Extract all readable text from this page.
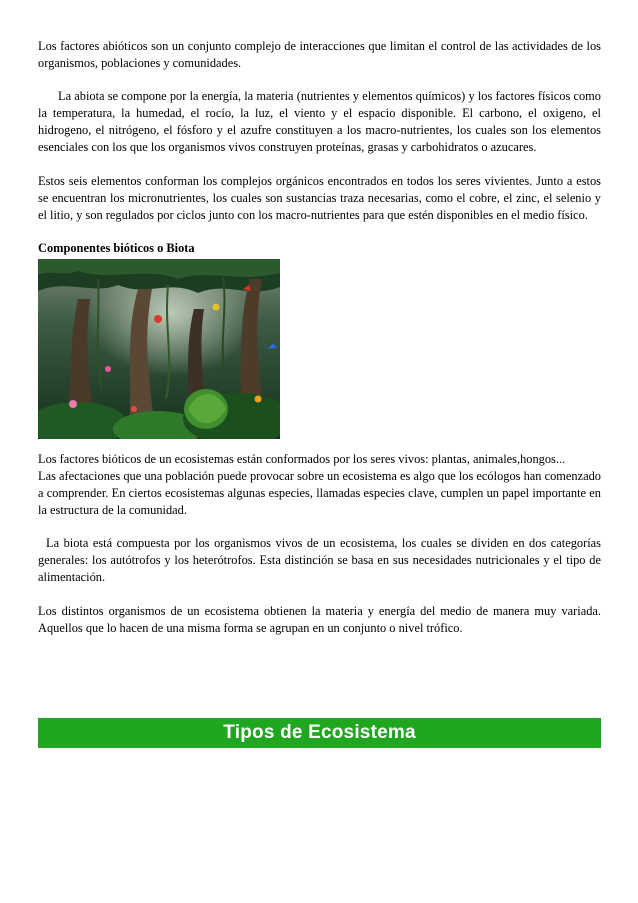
Los factores abióticos son un conjunto complejo de interacciones que limitan el control de las actividades de los organismos, poblaciones y comunidades.

La abiota se compone por la energía, la materia (nutrientes y elementos químicos) y los factores físicos como la temperatura, la humedad, el rocío, la luz, el viento y el espacio disponible. El carbono, el oxigeno, el hidrogeno, el nitrógeno, el fósforo y el azufre constituyen a los macro-nutrientes, los cuales son los elementos esenciales con los que los organismos vivos construyen proteínas, grasas y carbohidratos o azucares.

Estos seis elementos conforman los complejos orgánicos encontrados en todos los seres vivientes. Junto a estos se encuentran los micronutrientes, los cuales son sustancias traza necesarias, como el cobre, el zinc, el selenio y el litio, y son regulados por ciclos junto con los macro-nutrientes para que estén disponibles en el medio físico.

Componentes bióticos o Biota

Los factores bióticos de un ecosistemas están conformados por los seres vivos: plantas, animales,hongos...

Las afectaciones que una población puede provocar sobre un ecosistema es algo que los ecólogos han comenzado a comprender. En ciertos ecosistemas algunas especies, llamadas especies clave, cumplen un papel importante en la estructura de la comunidad.

La biota está compuesta por los organismos vivos de un ecosistema, los cuales se dividen en dos categorías generales: los autótrofos y los heterótrofos. Esta distinción se basa en sus necesidades nutricionales y el tipo de alimentación.

Los distintos organismos de un ecosistema obtienen la materia y energía del medio de manera muy variada. Aquellos que lo hacen de una misma forma se agrupan en un conjunto o nivel trófico.

Tipos de Ecosistema
